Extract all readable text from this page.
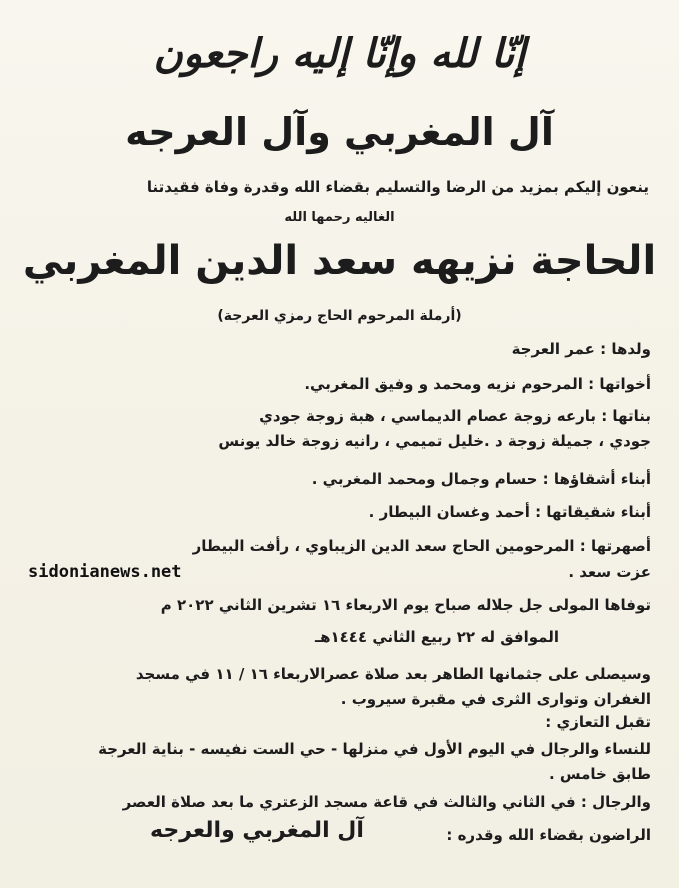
إنّا لله وإنّا إليه راجعون
آل المغربي وآل العرجه
ينعون إليكم بمزيد من الرضا والتسليم بقضاء الله وقدرة وفاة فقيدتنا
الغاليه رحمها الله
الحاجة نزيهه سعد الدين المغربي
(أرملة المرحوم الحاج رمزي العرجة)
ولدها : عمر العرجة
أخواتها : المرحوم نزيه ومحمد و وفيق المغربي.
بناتها : بارعه زوجة عصام الديماسي ، هبة زوجة جودي
جودي ، جميلة زوجة د .خليل تميمي ، رانيه زوجة خالد يونس
أبناء أشقاؤها : حسام وجمال ومحمد المغربي .
أبناء شقيقاتها : أحمد وغسان البيطار .
أصهرتها : المرحومين الحاج سعد الدين الزيباوي ، رأفت البيطار
عزت سعد .
sidonianews.net
توفاها المولى جل جلاله صباح يوم الاربعاء ١٦ تشرين الثاني ٢٠٢٢ م
الموافق له ٢٢ ربيع الثاني ١٤٤٤هـ
وسيصلى على جثمانها الطاهر بعد صلاة عصرالاربعاء ١٦ / ١١ في مسجد
الغفران وتوارى الثرى في مقبرة سيروب .
تقبل التعازي :
للنساء والرجال في اليوم الأول في منزلها - حي الست نفيسه - بناية العرجة
طابق خامس .
والرجال : في الثاني والثالث في قاعة مسجد الزعتري ما بعد صلاة العصر
الراضون بقضاء الله وقدره :
آل المغربي والعرجه
